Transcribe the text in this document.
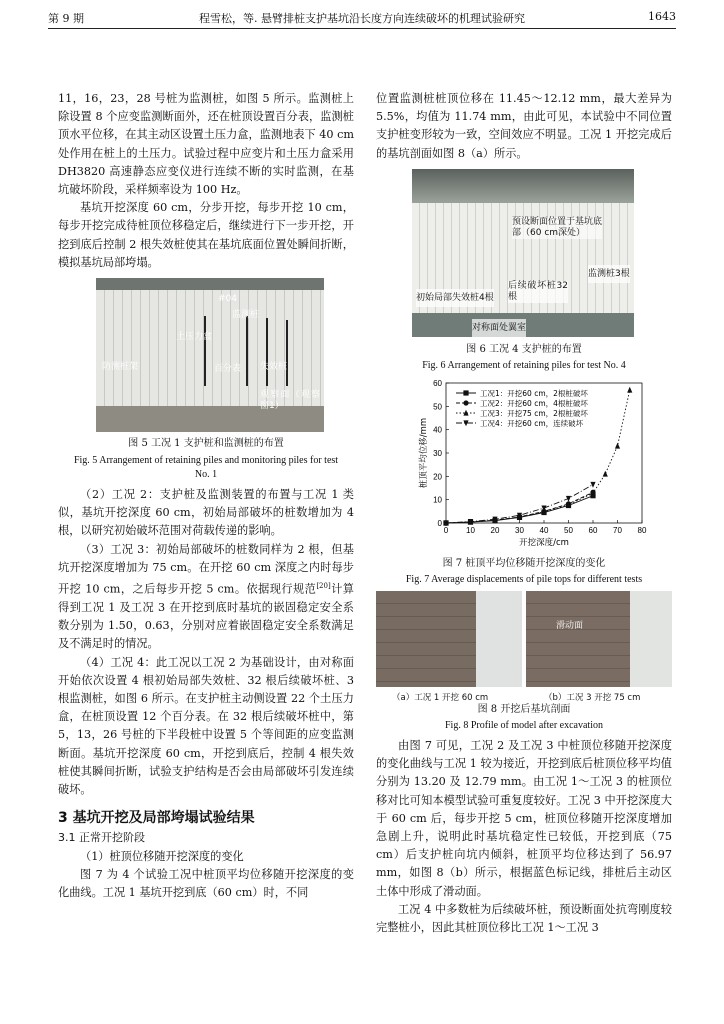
第 9 期	程雪松，等. 悬臂排桩支护基坑沿长度方向连续破坏的机理试验研究	1643

11，16，23，28 号桩为监测桩，如图 5 所示。监测桩上除设置 8 个应变监测断面外，还在桩顶设置百分表，监测桩顶水平位移，在其主动区设置土压力盒，监测地表下 40 cm 处作用在桩上的土压力。试验过程中应变片和土压力盒采用 DH3820 高速静态应变仪进行连续不断的实时监测，在基坑破坏阶段，采样频率设为 100 Hz。

基坑开挖深度 60 cm，分步开挖，每步开挖 10 cm，每步开挖完成待桩顶位移稳定后，继续进行下一步开挖，开挖到底后控制 2 根失效桩使其在基坑底面位置处瞬间折断，模拟基坑局部垮塌。

#04
监测桩
土压力盒
防测桩架	失效桩
百分表
观察面（观察窗1）
图 5 工况 1 支护桩和监测桩的布置
Fig. 5 Arrangement of retaining piles and monitoring piles for test No. 1

（2）工况 2：支护桩及监测装置的布置与工况 1 类似，基坑开挖深度 60 cm，初始局部破坏的桩数增加为 4 根，以研究初始破坏范围对荷载传递的影响。

（3）工况 3：初始局部破坏的桩数同样为 2 根，但基坑开挖深度增加为 75 cm。在开挖 60 cm 深度之内时每步开挖 10 cm，之后每步开挖 5 cm。依据现行规范[20]计算得到工况 1 及工况 3 在开挖到底时基坑的嵌固稳定安全系数分别为 1.50，0.63，分别对应着嵌固稳定安全系数满足及不满足时的情况。

（4）工况 4：此工况以工况 2 为基础设计，由对称面开始依次设置 4 根初始局部失效桩、32 根后续破坏桩、3 根监测桩，如图 6 所示。在支护桩主动侧设置 22 个土压力盒，在桩顶设置 12 个百分表。在 32 根后续破坏桩中，第 5，13，26 号桩的下半段桩中设置 5 个等间距的应变监测断面。基坑开挖深度 60 cm，开挖到底后，控制 4 根失效桩使其瞬间折断，试验支护结构是否会由局部破坏引发连续破坏。

3 基坑开挖及局部垮塌试验结果
3.1 正常开挖阶段

（1）桩顶位移随开挖深度的变化

图 7 为 4 个试验工况中桩顶平均位移随开挖深度的变化曲线。工况 1 基坑开挖到底（60 cm）时，不同

位置监测桩桩顶位移在 11.45～12.12 mm，最大差异为 5.5%，均值为 11.74 mm，由此可见，本试验中不同位置支护桩变形较为一致，空间效应不明显。工况 1 开挖完成后的基坑剖面如图 8（a）所示。

预设断面位置于基坑底部（60 cm深处）
监测桩3根
初始局部失效桩4根
后续破坏桩32根
对称面处翼室
图 6 工况 4 支护桩的布置
Fig. 6 Arrangement of retaining piles for test No. 4
0 10 20 30 40 50 60 70 80
0
10
20
30
40
50
60
开挖深度/cm
桩顶平均位移/mm
工况1：开挖60 cm，2根桩破坏
工况2：开挖60 cm，4根桩破坏
工况3：开挖75 cm，2根桩破坏
工况4：开挖60 cm，连续破坏
图 7 桩顶平均位移随开挖深度的变化
Fig. 7 Average displacements of pile tops for different tests
滑动面
（a）工况 1 开挖 60 cm	（b）工况 3 开挖 75 cm
图 8 开挖后基坑剖面
Fig. 8 Profile of model after excavation

由图 7 可见，工况 2 及工况 3 中桩顶位移随开挖深度的变化曲线与工况 1 较为接近，开挖到底后桩顶位移平均值分别为 13.20 及 12.79 mm。由工况 1～工况 3 的桩顶位移对比可知本模型试验可重复度较好。工况 3 中开挖深度大于 60 cm 后，每步开挖 5 cm，桩顶位移随开挖深度增加急剧上升，说明此时基坑稳定性已较低，开挖到底（75 cm）后支护桩向坑内倾斜，桩顶平均位移达到了 56.97 mm，如图 8（b）所示，根据蓝色标记线，排桩后主动区土体中形成了滑动面。

工况 4 中多数桩为后续破坏桩，预设断面处抗弯刚度较完整桩小，因此其桩顶位移比工况 1～工况 3
